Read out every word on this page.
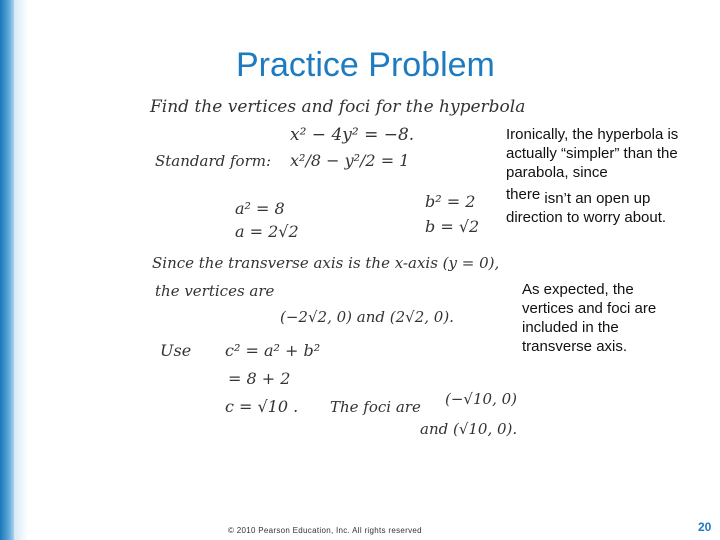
Practice Problem
Find the vertices and foci for the hyperbola
x² − 4y² = −8.
Standard form: x²/8 − y²/2 = 1
a² = 8
a = 2√2
b² = 2
b = √2
Since the transverse axis is the x-axis (y = 0),
the vertices are
(−2√2, 0) and (2√2, 0).
Use c² = a² + b²
= 8 + 2
c = √10 . The foci are (−√10, 0)
and (√10, 0).
Ironically, the hyperbola is actually “simpler” than the parabola, since
there isn’t an open up direction to worry about.
As expected, the vertices and foci are included in the transverse axis.
© 2010 Pearson Education, Inc. All rights reserved	20
